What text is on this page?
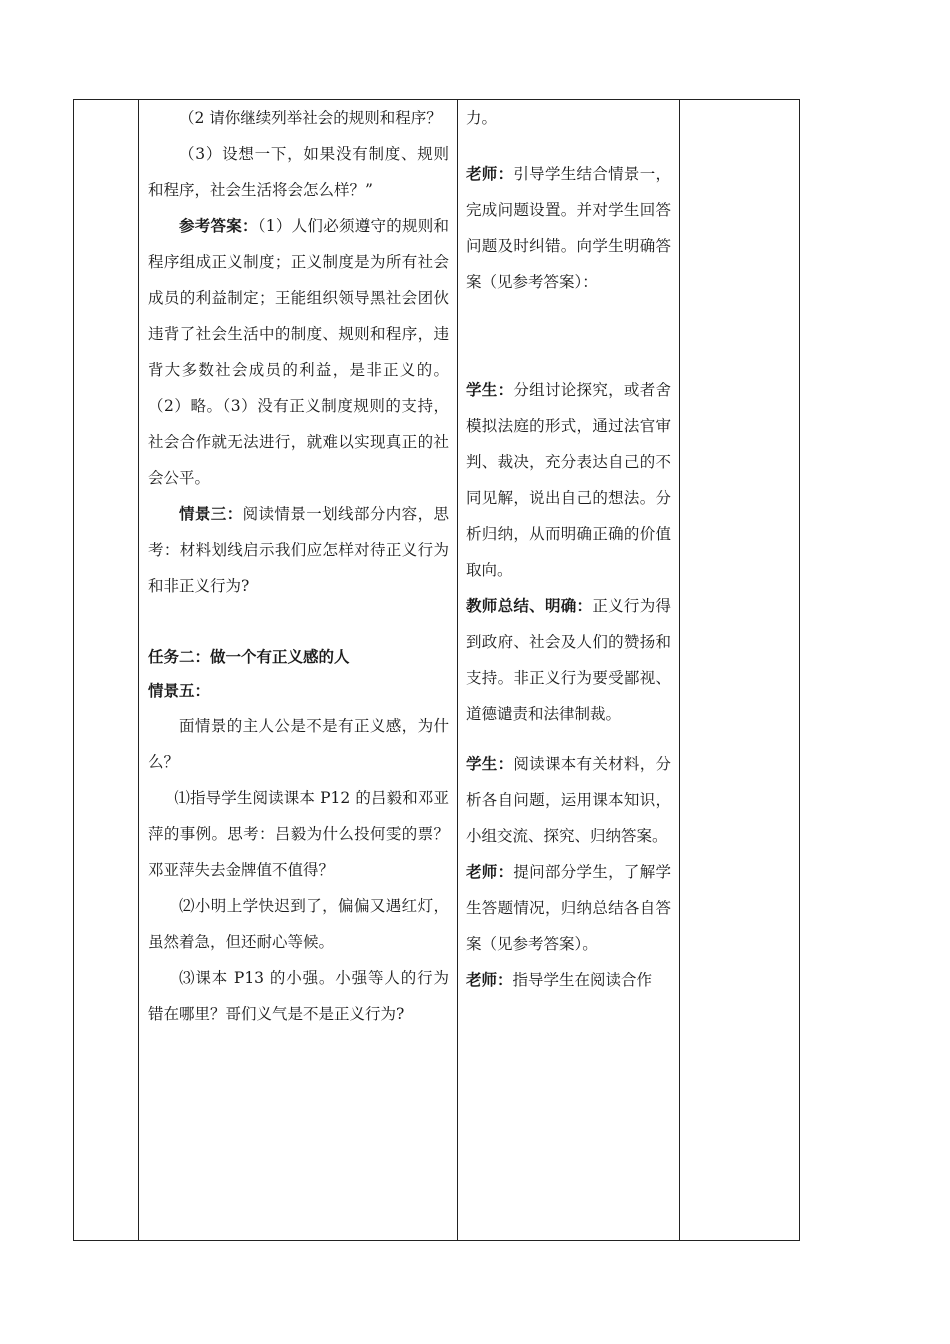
（2 请你继续列举社会的规则和程序？

（3）设想一下，如果没有制度、规则和程序，社会生活将会怎么样？”

参考答案：（1）人们必须遵守的规则和程序组成正义制度；正义制度是为所有社会成员的利益制定；王能组织领导黑社会团伙违背了社会生活中的制度、规则和程序，违背大多数社会成员的利益，是非正义的。（2）略。（3）没有正义制度规则的支持，社会合作就无法进行，就难以实现真正的社会公平。

情景三：阅读情景一划线部分内容，思考：材料划线启示我们应怎样对待正义行为和非正义行为?

任务二：做一个有正义感的人

情景五：

面情景的主人公是不是有正义感，为什么？

⑴指导学生阅读课本 P12 的吕毅和邓亚萍的事例。思考：吕毅为什么投何雯的票？邓亚萍失去金牌值不值得？

⑵小明上学快迟到了，偏偏又遇红灯，虽然着急，但还耐心等候。

⑶课本 P13 的小强。小强等人的行为错在哪里？哥们义气是不是正义行为?

力。

老师：引导学生结合情景一，完成问题设置。并对学生回答问题及时纠错。向学生明确答案（见参考答案）：

学生：分组讨论探究，或者舍模拟法庭的形式，通过法官审判、裁决，充分表达自己的不同见解，说出自己的想法。分析归纳，从而明确正确的价值取向。

教师总结、明确：正义行为得到政府、社会及人们的赞扬和支持。非正义行为要受鄙视、道德谴责和法律制裁。

学生：阅读课本有关材料，分析各自问题，运用课本知识，小组交流、探究、归纳答案。

老师：提问部分学生，了解学生答题情况，归纳总结各自答案（见参考答案）。

老师：指导学生在阅读合作
